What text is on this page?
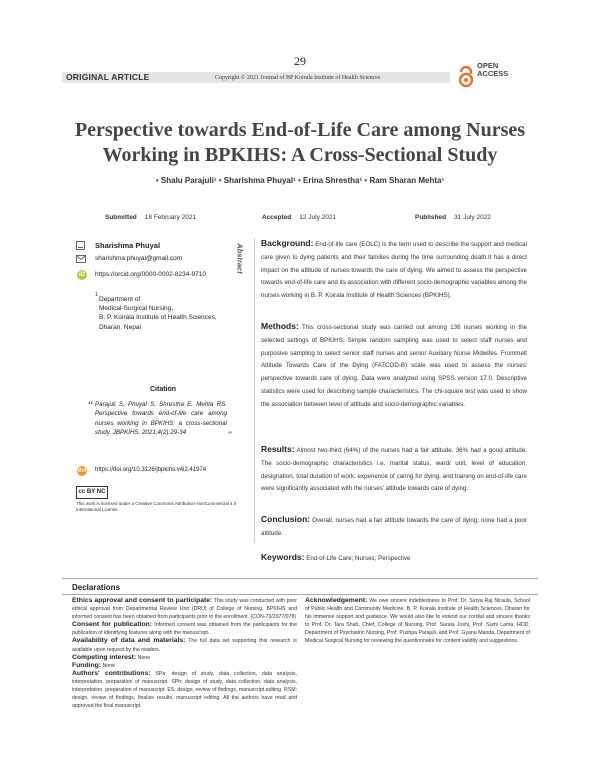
29
ORIGINAL ARTICLE	Copyright © 2021 Journal of BP Koirala Institute of Health Sciences
OPEN
ACCESS
Perspective towards End-of-Life Care among Nurses
Working in BPKIHS: A Cross-Sectional Study
• Shalu Parajuli¹ • Sharishma Phuyal¹ • Erina Shrestha¹ • Ram Sharan Mehta¹
Submitted 18 February 2021	Accepted 12 July 2021	Published 31 July 2022
Sharishma Phuyal
sharishma.phuyal@gmail.com
iD	https://orcid.org/0000-0002-8234-9710
1
Department of
Medical-Surgical Nursing,
B. P. Koirala Institute of Health Sciences,
Dharan, Nepal
Citation
“ Parajuli S, Phuyal S, Shrestha E, Mehta RS. Perspective towards end-of-life care among nurses working in BPKIHS: a cross-sectional study. JBPKIHS. 2021;4(2):29-34	”
doi https://doi.org/10.3126/jbpkihs.v4i2.41974
cc BY NC
This work is licensed under a Creative Commons Attribution-NonCommercial 4.0 International License.
Abstract
Background: End-of-life care (EOLC) is the term used to describe the support and medical care given to dying patients and their families during the time surrounding death.It has a direct impact on the attitude of nurses towards the care of dying. We aimed to assess the perspective towards end-of-life care and its association with different socio-demographic variables among the nurses working in B. P. Koirala Institute of Health Sciences (BPKIHS).
Methods: This cross-sectional study was carried out among 136 nurses working in the selected settings of BPKIHS. Simple random sampling was used to select staff nurses and purposive sampling to select senior staff nurses and senior Auxiliary Nurse Midwifes. Frommelt Attitude Towards Care of the Dying (FATCOD-B) scale was used to assess the nurses' perspective towards care of dying. Data were analyzed using SPSS version 17.0. Descriptive statistics were used for describing sample characteristics. The chi-square test was used to show the association between level of attitude and socio-demographic variables.
Results: Almost two-third (64%) of the nurses had a fair attitude, 36% had a good attitude. The socio-demographic characteristics i.e. marital status, ward/ unit, level of education, designation, total duration of work, experience of caring for dying, and training on end-of-life care were significantly associated with the nurses' attitude towards care of dying.
Conclusion: Overall, nurses had a fair attitude towards the care of dying; none had a poor attitude.
Keywords: End-of-Life Care; Nurses; Perspective
Declarations
Ethics approval and consent to participate: This study was conducted with prior ethical approval from Departmental Review Unit (DRU) of College of Nursing, BPKIHS and informed consent has been obtained from participants prior to the enrollment. (CON-73/2077/078)
Consent for publication: Informed consent was obtained from the participants for the publication of identifying features along with the manuscript.
Availability of data and materials: The full data set supporting this research is available upon request by the readers.
Competing interest: None
Funding: None
Authors' contributions: SPa: design of study, data collection, data analysis, interpretation, preparation of manuscript. SPh: design of study, data collection, data analysis, interpretation, preparation of manuscript. ES: design, review of findings, manuscript editing. RSM: design, review of findings, finalize results, manuscript editing. All the authors have read and approved the final manuscript.
Acknowledgement: We owe sincere indebtedness to Prof. Dr. Surya Raj Niraula, School of Public Health and Community Medicine, B. P. Koirala Institute of Health Sciences, Dharan for his immense support and guidance. We would also like to extend our cordial and sincere thanks to Prof. Dr. Tara Shah, Chief, College of Nursing, Prof. Sarala Joshi, Prof. Sumi Lama, HOD, Department of Psychiatric Nursing, Prof. Pushpa Parajuli, and Prof. Gyanu Manda, Department of Medical Surgical Nursing for reviewing the questionnaire for content validity and suggestions.
